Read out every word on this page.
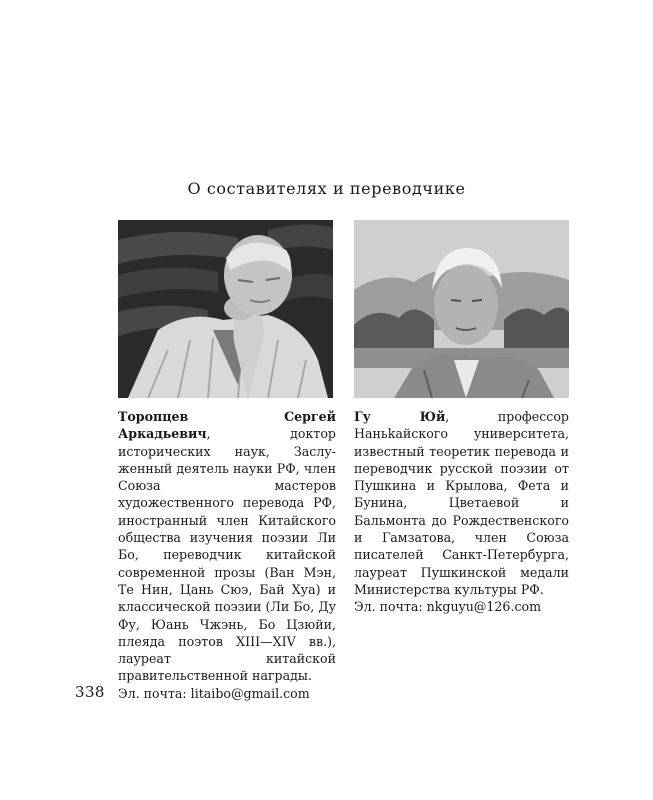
О составителях и переводчике
Торопцев Сергей Аркадьевич, доктор исторических наук, Заслуженный деятель науки РФ, член Союза мастеров художественного перевода РФ, иностранный член Китайского общества изучения поэзии Ли Бо, переводчик китайской современной прозы (Ван Мэн, Те Нин, Цань Сюэ, Бай Хуа) и классической поэзии (Ли Бо, Ду Фу, Юань Чжэнь, Бо Цзюйи, плеяда поэтов XIII—XIV вв.), лауреат китайской правительственной награды.
Эл. почта: litaibo@gmail.com
Гу Юй, профессор Наньkайского университета, известный теоретик перевода и переводчик русской поэзии от Пушкина и Крылова, Фета и Бунина, Цветаевой и Бальмонта до Рождественского и Гамзатова, член Союза писателей Санкт-Петербурга, лауреат Пушкинской медали Министерства культуры РФ.
Эл. почта: nkguyu@126.com
338
